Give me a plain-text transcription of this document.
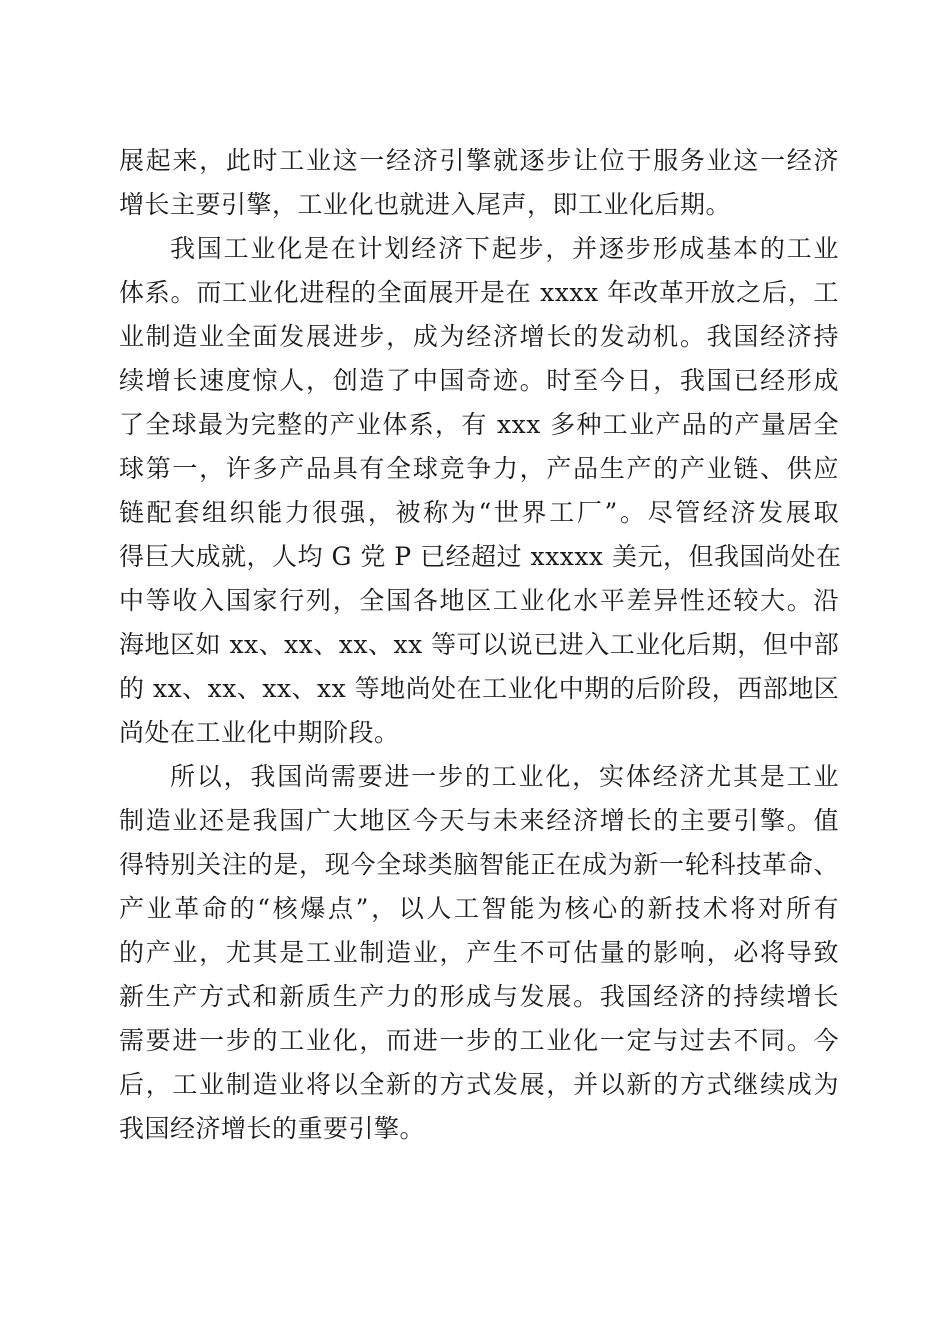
展起来，此时工业这一经济引擎就逐步让位于服务业这一经济
增长主要引擎，工业化也就进入尾声，即工业化后期。
我国工业化是在计划经济下起步，并逐步形成基本的工业
体系。而工业化进程的全面展开是在 xxxx 年改革开放之后，工
业制造业全面发展进步，成为经济增长的发动机。我国经济持
续增长速度惊人，创造了中国奇迹。时至今日，我国已经形成
了全球最为完整的产业体系，有 xxx 多种工业产品的产量居全
球第一，许多产品具有全球竞争力，产品生产的产业链、供应
链配套组织能力很强，被称为“世界工厂”。尽管经济发展取
得巨大成就，人均 G 党 P 已经超过 xxxxx 美元，但我国尚处在
中等收入国家行列，全国各地区工业化水平差异性还较大。沿
海地区如 xx、xx、xx、xx 等可以说已进入工业化后期，但中部
的 xx、xx、xx、xx 等地尚处在工业化中期的后阶段，西部地区
尚处在工业化中期阶段。
所以，我国尚需要进一步的工业化，实体经济尤其是工业
制造业还是我国广大地区今天与未来经济增长的主要引擎。值
得特别关注的是，现今全球类脑智能正在成为新一轮科技革命、
产业革命的“核爆点”，以人工智能为核心的新技术将对所有
的产业，尤其是工业制造业，产生不可估量的影响，必将导致
新生产方式和新质生产力的形成与发展。我国经济的持续增长
需要进一步的工业化，而进一步的工业化一定与过去不同。今
后，工业制造业将以全新的方式发展，并以新的方式继续成为
我国经济增长的重要引擎。
